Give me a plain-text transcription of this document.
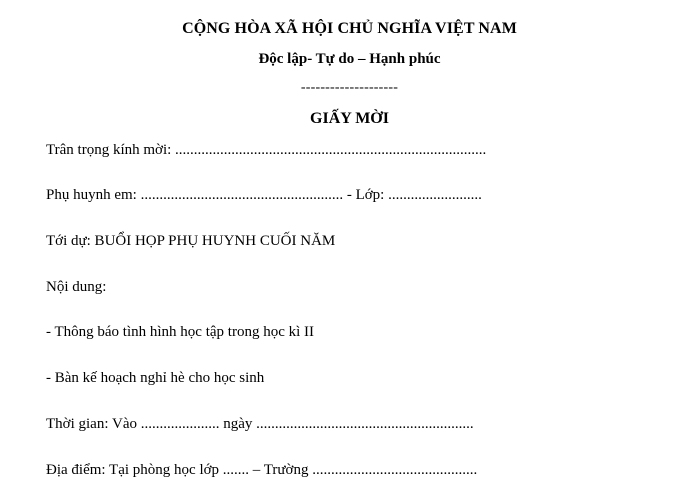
CỘNG HÒA XÃ HỘI CHỦ NGHĨA VIỆT NAM
Độc lập- Tự do – Hạnh phúc
--------------------
GIẤY MỜI
Trân trọng kính mời: ...................................................................................
Phụ huynh em: ...................................................... - Lớp: .........................
Tới dự: BUỔI HỌP PHỤ HUYNH CUỐI NĂM
Nội dung:
- Thông báo tình hình học tập trong học kì II
- Bàn kế hoạch nghỉ hè cho học sinh
Thời gian: Vào ..................... ngày ..........................................................
Địa điểm: Tại phòng học lớp ....... – Trường ............................................
